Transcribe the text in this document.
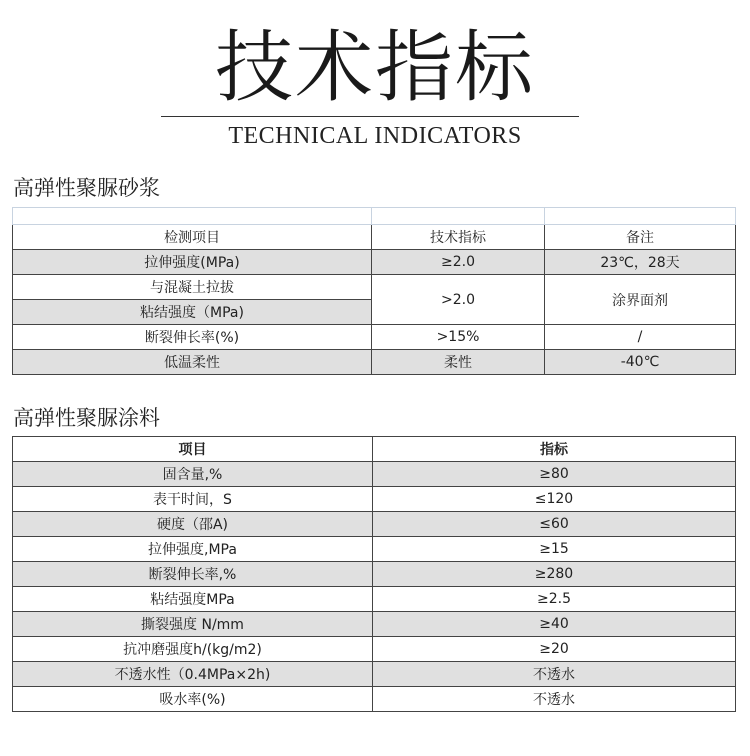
技术指标
TECHNICAL INDICATORS
高弹性聚脲砂浆

检测项目	技术指标	备注
拉伸强度(MPa)	≥2.0	23℃，28天
与混凝土拉拔	>2.0	涂界面剂
粘结强度（MPa)		
断裂伸长率(%)	>15%	/
低温柔性	柔性	-40℃
高弹性聚脲涂料
项目	指标
固含量,%	≥80
表干时间，S	≤120
硬度（邵A)	≤60
拉伸强度,MPa	≥15
断裂伸长率,%	≥280
粘结强度MPa	≥2.5
撕裂强度 N/mm	≥40
抗冲磨强度h/(kg/m2)	≥20
不透水性（0.4MPa×2h)	不透水
吸水率(%)	不透水
